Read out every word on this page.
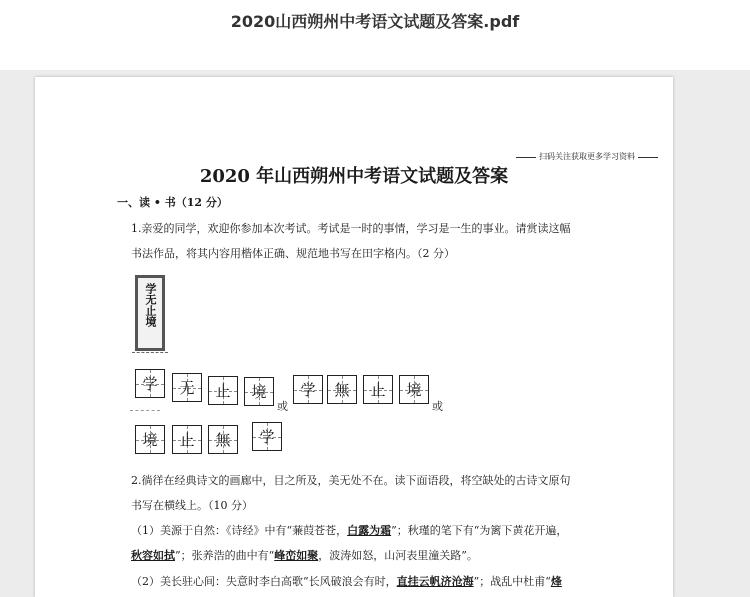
2020山西朔州中考语文试题及答案.pdf
扫码关注获取更多学习资料
2020 年山西朔州中考语文试题及答案
一、读 • 书（12 分）
1.亲爱的同学，欢迎你参加本次考试。考试是一时的事情，学习是一生的事业。请赏读这幅
书法作品，将其内容用楷体正确、规范地书写在田字格内。（2 分）
学无止境
学	无	止	境
或
学	無	止	境
或
境	止	無	学
2.徜徉在经典诗文的画廊中，目之所及，美无处不在。读下面语段，将空缺处的古诗文原句
书写在横线上。（10 分）
（1）美源于自然：《诗经》中有“蒹葭苍苍，白露为霜”；秋瑾的笔下有“为篱下黄花开遍，
秋容如拭”；张养浩的曲中有“峰峦如聚，波涛如怒，山河表里潼关路”。
（2）美长驻心间：失意时李白高歌“长风破浪会有时，直挂云帆济沧海”；战乱中杜甫“烽
